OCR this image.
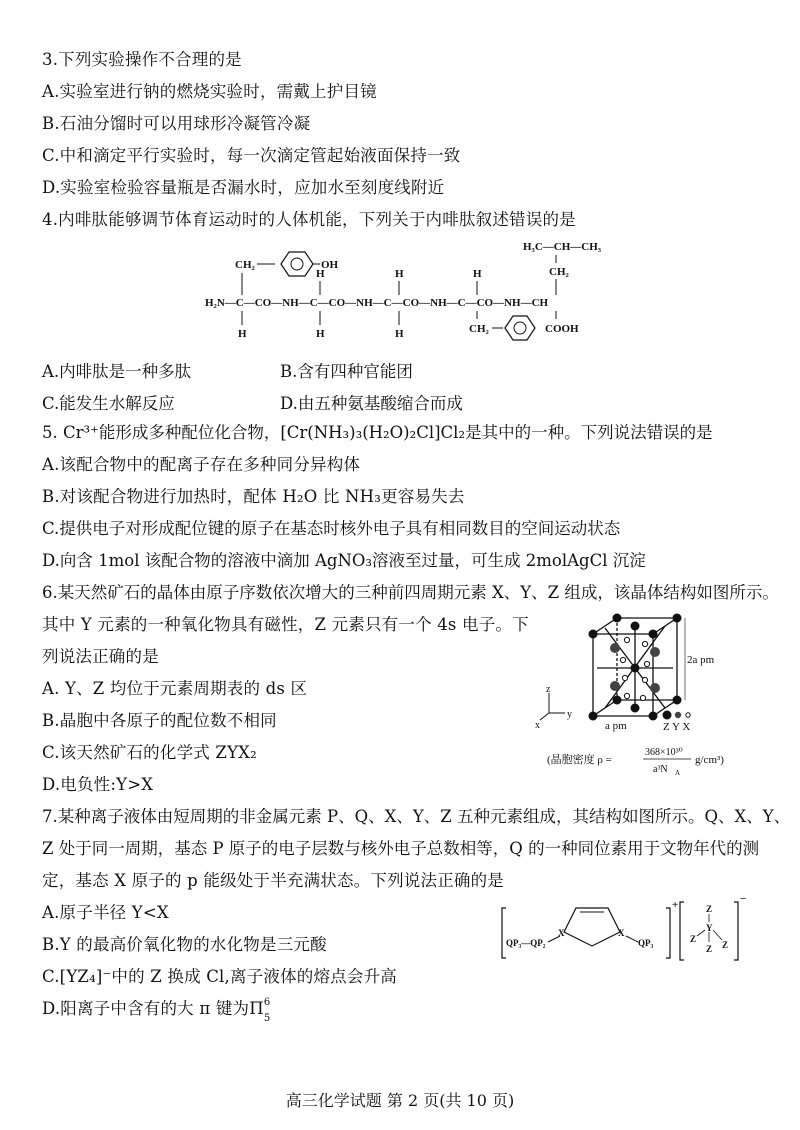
3.下列实验操作不合理的是
A.实验室进行钠的燃烧实验时，需戴上护目镜
B.石油分馏时可以用球形冷凝管冷凝
C.中和滴定平行实验时，每一次滴定管起始液面保持一致
D.实验室检验容量瓶是否漏水时，应加水至刻度线附近
4.内啡肽能够调节体育运动时的人体机能，下列关于内啡肽叙述错误的是
H₂N—C—CO—NH—C—CO—NH—C—CO—NH—C—CO—NH—CH
CH₂	OH
H
H
H
H
H
H
CH₂
H₃C—CH—CH₃
CH₂
COOH
A.内啡肽是一种多肽	B.含有四种官能团
C.能发生水解反应	D.由五种氨基酸缩合而成
5. Cr³⁺能形成多种配位化合物，[Cr(NH₃)₃(H₂O)₂Cl]Cl₂是其中的一种。下列说法错误的是
A.该配合物中的配离子存在多种同分异构体
B.对该配合物进行加热时，配体 H₂O 比 NH₃更容易失去
C.提供电子对形成配位键的原子在基态时核外电子具有相同数目的空间运动状态
D.向含 1mol 该配合物的溶液中滴加 AgNO₃溶液至过量，可生成 2molAgCl 沉淀
6.某天然矿石的晶体由原子序数依次增大的三种前四周期元素 X、Y、Z 组成，该晶体结构如图所示。
其中 Y 元素的一种氧化物具有磁性，Z 元素只有一个 4s 电子。下
列说法正确的是
A. Y、Z 均位于元素周期表的 ds 区
B.晶胞中各原子的配位数不相同
C.该天然矿石的化学式 ZYX₂
D.电负性:Y>X
2a pm
a pm	Z Y X
z
y
x
(晶胞密度 ρ =
368×10³⁰
a³N A
g/cm³)
7.某种离子液体由短周期的非金属元素 P、Q、X、Y、Z 五种元素组成，其结构如图所示。Q、X、Y、
Z 处于同一周期，基态 P 原子的电子层数与核外电子总数相等，Q 的一种同位素用于文物年代的测
定，基态 X 原子的 p 能级处于半充满状态。下列说法正确的是
A.原子半径 Y<X
B.Y 的最高价氧化物的水化物是三元酸
C.[YZ₄]⁻中的 Z 换成 Cl,离子液体的熔点会升高
D.阳离子中含有的大 π 键为Π 6
5
+
QP₃—QP₂
X	X
QP₃
−
Z
Y
Z
Z
Z
高三化学试题 第 2 页(共 10 页)
